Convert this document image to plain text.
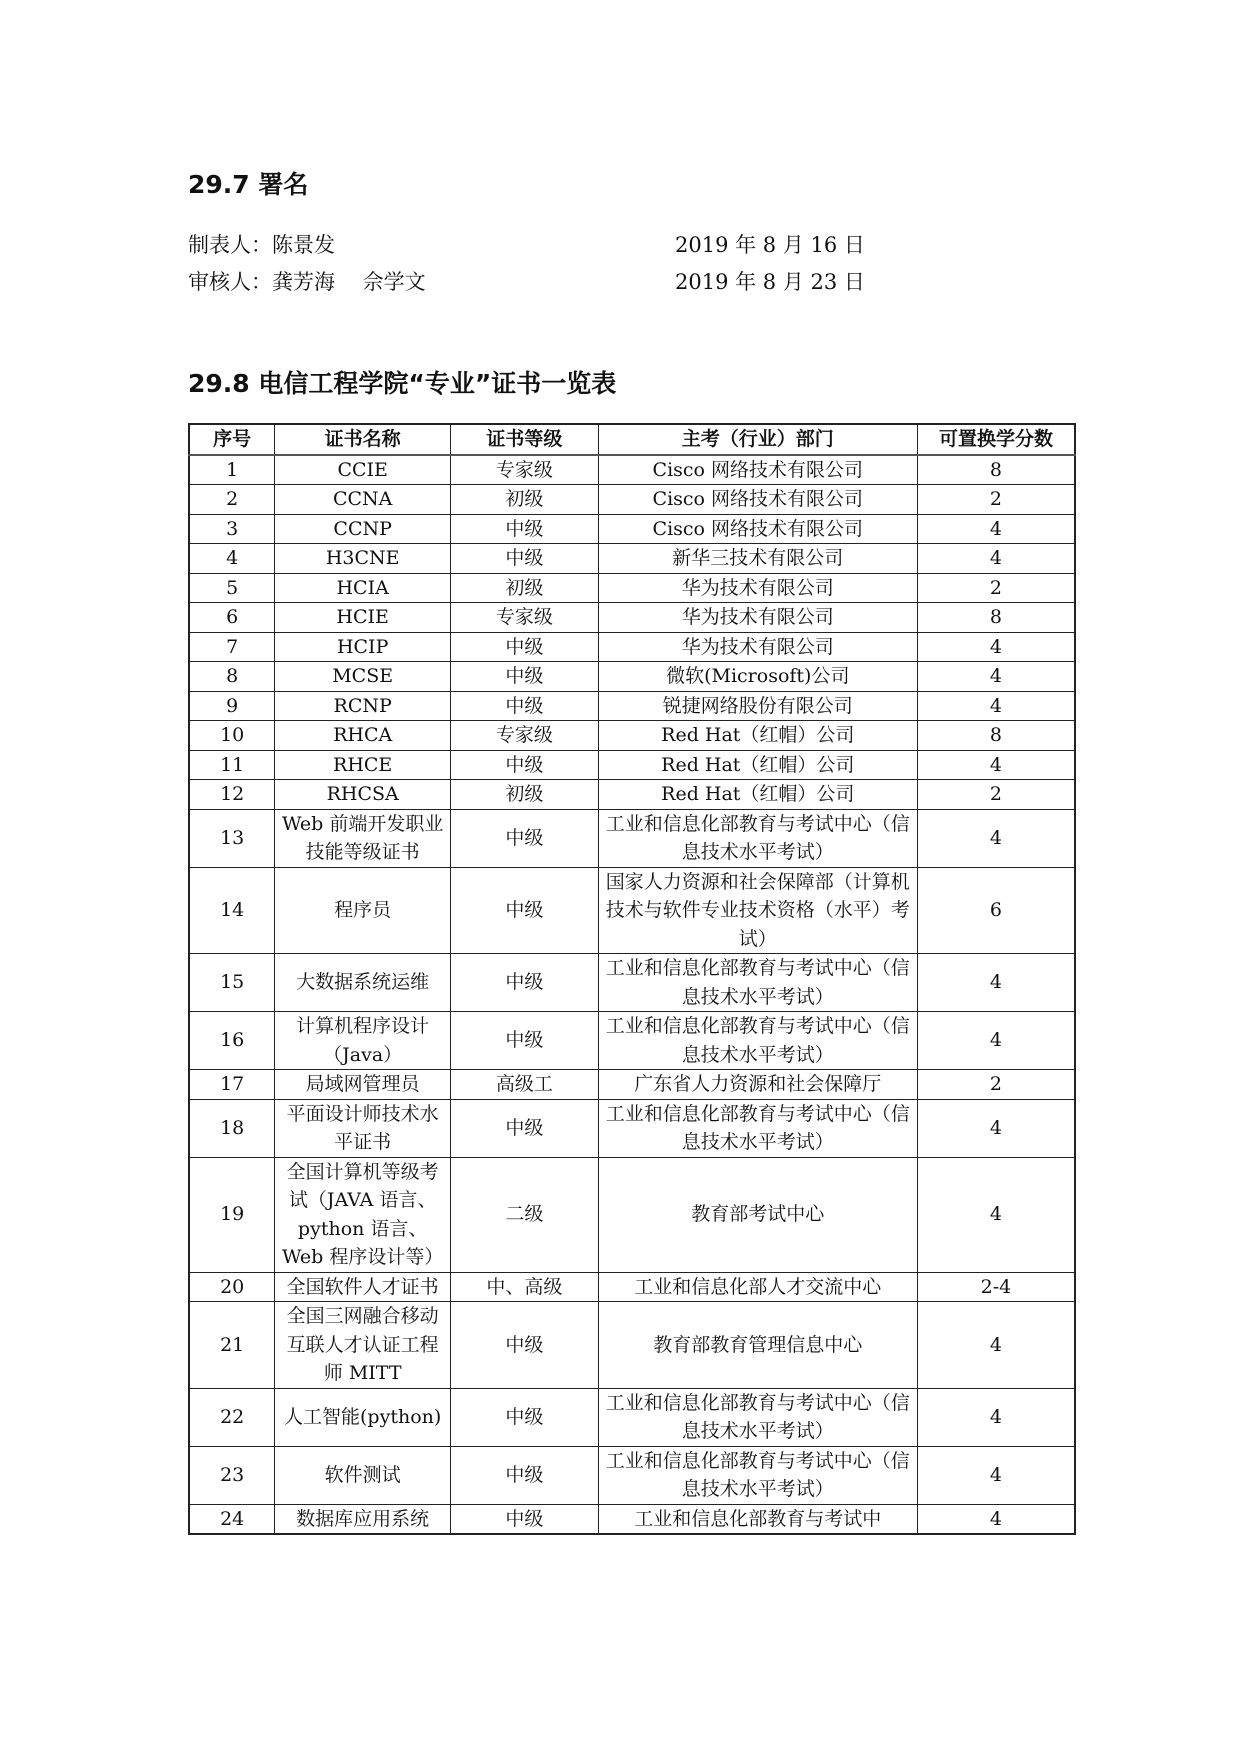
29.7 署名
制表人：陈景发	2019 年 8 月 16 日
审核人：龚芳海　 佘学文	2019 年 8 月 23 日
29.8 电信工程学院“专业”证书一览表
序号	证书名称	证书等级	主考（行业）部门	可置换学分数
1	CCIE	专家级	Cisco 网络技术有限公司	8
2	CCNA	初级	Cisco 网络技术有限公司	2
3	CCNP	中级	Cisco 网络技术有限公司	4
4	H3CNE	中级	新华三技术有限公司	4
5	HCIA	初级	华为技术有限公司	2
6	HCIE	专家级	华为技术有限公司	8
7	HCIP	中级	华为技术有限公司	4
8	MCSE	中级	微软(Microsoft)公司	4
9	RCNP	中级	锐捷网络股份有限公司	4
10	RHCA	专家级	Red Hat（红帽）公司	8
11	RHCE	中级	Red Hat（红帽）公司	4
12	RHCSA	初级	Red Hat（红帽）公司	2
13	Web 前端开发职业技能等级证书	中级	工业和信息化部教育与考试中心（信息技术水平考试）	4
14	程序员	中级	国家人力资源和社会保障部（计算机技术与软件专业技术资格（水平）考试）	6
15	大数据系统运维	中级	工业和信息化部教育与考试中心（信息技术水平考试）	4
16	计算机程序设计（Java）	中级	工业和信息化部教育与考试中心（信息技术水平考试）	4
17	局域网管理员	高级工	广东省人力资源和社会保障厅	2
18	平面设计师技术水平证书	中级	工业和信息化部教育与考试中心（信息技术水平考试）	4
19	全国计算机等级考试（JAVA 语言、python 语言、Web 程序设计等）	二级	教育部考试中心	4
20	全国软件人才证书	中、高级	工业和信息化部人才交流中心	2-4
21	全国三网融合移动互联人才认证工程师 MITT	中级	教育部教育管理信息中心	4
22	人工智能(python)	中级	工业和信息化部教育与考试中心（信息技术水平考试）	4
23	软件测试	中级	工业和信息化部教育与考试中心（信息技术水平考试）	4
24	数据库应用系统	中级	工业和信息化部教育与考试中	4
